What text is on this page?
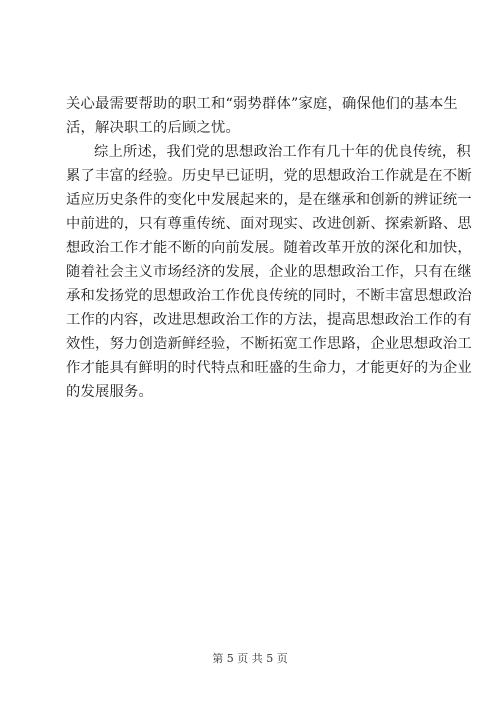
关心最需要帮助的职工和“弱势群体”家庭，确保他们的基本生
活，解决职工的后顾之忧。
综上所述，我们党的思想政治工作有几十年的优良传统，积
累了丰富的经验。历史早已证明，党的思想政治工作就是在不断
适应历史条件的变化中发展起来的，是在继承和创新的辨证统一
中前进的，只有尊重传统、面对现实、改进创新、探索新路、思
想政治工作才能不断的向前发展。随着改革开放的深化和加快，
随着社会主义市场经济的发展，企业的思想政治工作，只有在继
承和发扬党的思想政治工作优良传统的同时，不断丰富思想政治
工作的内容，改进思想政治工作的方法，提高思想政治工作的有
效性，努力创造新鲜经验，不断拓宽工作思路，企业思想政治工
作才能具有鲜明的时代特点和旺盛的生命力，才能更好的为企业
的发展服务。
第 5 页 共 5 页
